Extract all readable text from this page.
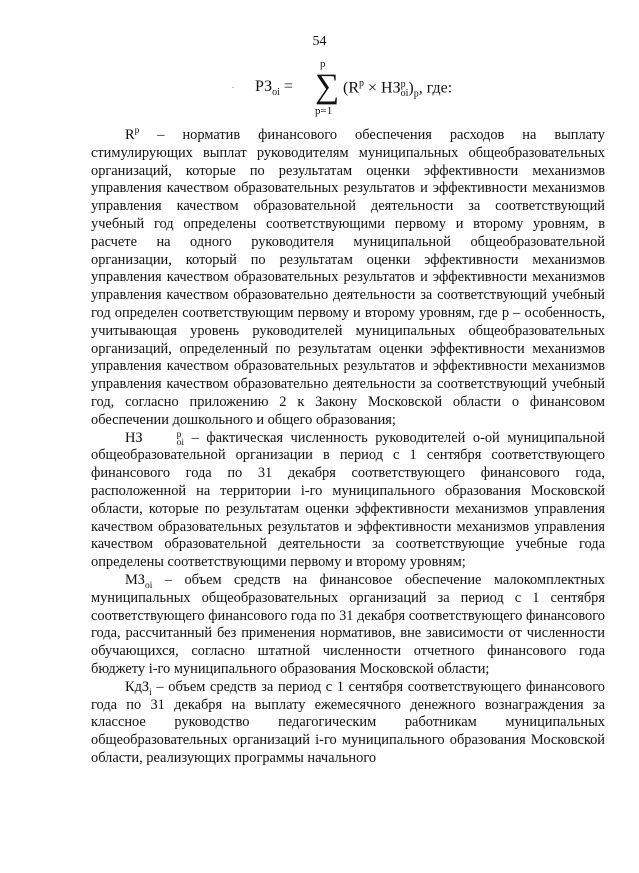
54
. $РЗ_{oi}$ =
p
∑
p=1
($R^p$ × НЗ p
oi )$_p$, где:

$R^p$ – норматив финансового обеспечения расходов на выплату стимулирующих выплат руководителям муниципальных общеобразовательных организаций, которые по результатам оценки эффективности механизмов управления качеством образовательных результатов и эффективности механизмов управления качеством образовательной деятельности за соответствующий учебный год определены соответствующими первому и второму уровням, в расчете на одного руководителя муниципальной общеобразовательной организации, который по результатам оценки эффективности механизмов управления качеством образовательных результатов и эффективности механизмов управления качеством образовательно деятельности за соответствующий учебный год определен соответствующим первому и второму уровням, где p – особенность, учитывающая уровень руководителей муниципальных общеобразовательных организаций, определенный по результатам оценки эффективности механизмов управления качеством образовательных результатов и эффективности механизмов управления качеством образовательно деятельности за соответствующий учебный год, согласно приложению 2 к Закону Московской области о финансовом обеспечении дошкольного и общего образования;

НЗ	p
oi – фактическая численность руководителей o-ой муниципальной общеобразовательной организации в период с 1 сентября соответствующего финансового года по 31 декабря соответствующего финансового года, расположенной на территории i-го муниципального образования Московской области, которые по результатам оценки эффективности механизмов управления качеством образовательных результатов и эффективности механизмов управления качеством образовательной деятельности за соответствующие учебные года определены соответствующими первому и второму уровням;

$МЗ_{oi}$ – объем средств на финансовое обеспечение малокомплектных муниципальных общеобразовательных организаций за период с 1 сентября соответствующего финансового года по 31 декабря соответствующего финансового года, рассчитанный без применения нормативов, вне зависимости от численности обучающихся, согласно штатной численности отчетного финансового года бюджету i-го муниципального образования Московской области;

КдЗ$_i$ – объем средств за период с 1 сентября соответствующего финансового года по 31 декабря на выплату ежемесячного денежного вознаграждения за классное руководство педагогическим работникам муниципальных общеобразовательных организаций i-го муниципального образования Московской области, реализующих программы начального
